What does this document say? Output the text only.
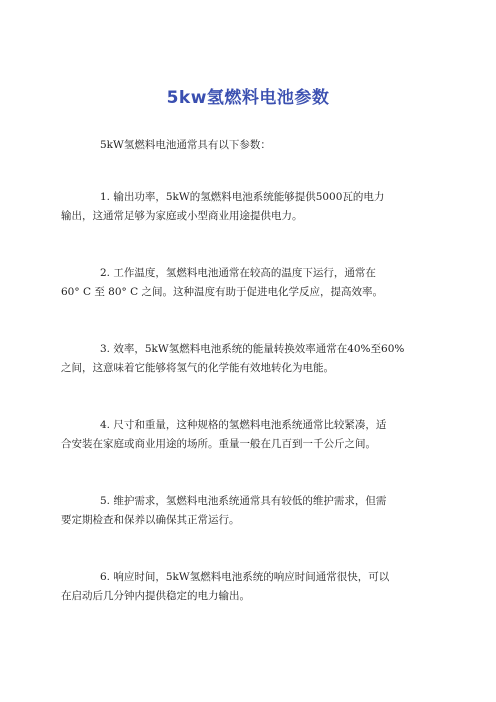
5kw氢燃料电池参数
5kW氢燃料电池通常具有以下参数：
1. 输出功率，5kW的氢燃料电池系统能够提供5000瓦的电力
输出，这通常足够为家庭或小型商业用途提供电力。
2. 工作温度，氢燃料电池通常在较高的温度下运行，通常在
60° C 至 80° C 之间。这种温度有助于促进电化学反应，提高效率。
3. 效率，5kW氢燃料电池系统的能量转换效率通常在40%至60%
之间，这意味着它能够将氢气的化学能有效地转化为电能。
4. 尺寸和重量，这种规格的氢燃料电池系统通常比较紧凑，适
合安装在家庭或商业用途的场所。重量一般在几百到一千公斤之间。
5. 维护需求，氢燃料电池系统通常具有较低的维护需求，但需
要定期检查和保养以确保其正常运行。
6. 响应时间，5kW氢燃料电池系统的响应时间通常很快，可以
在启动后几分钟内提供稳定的电力输出。
